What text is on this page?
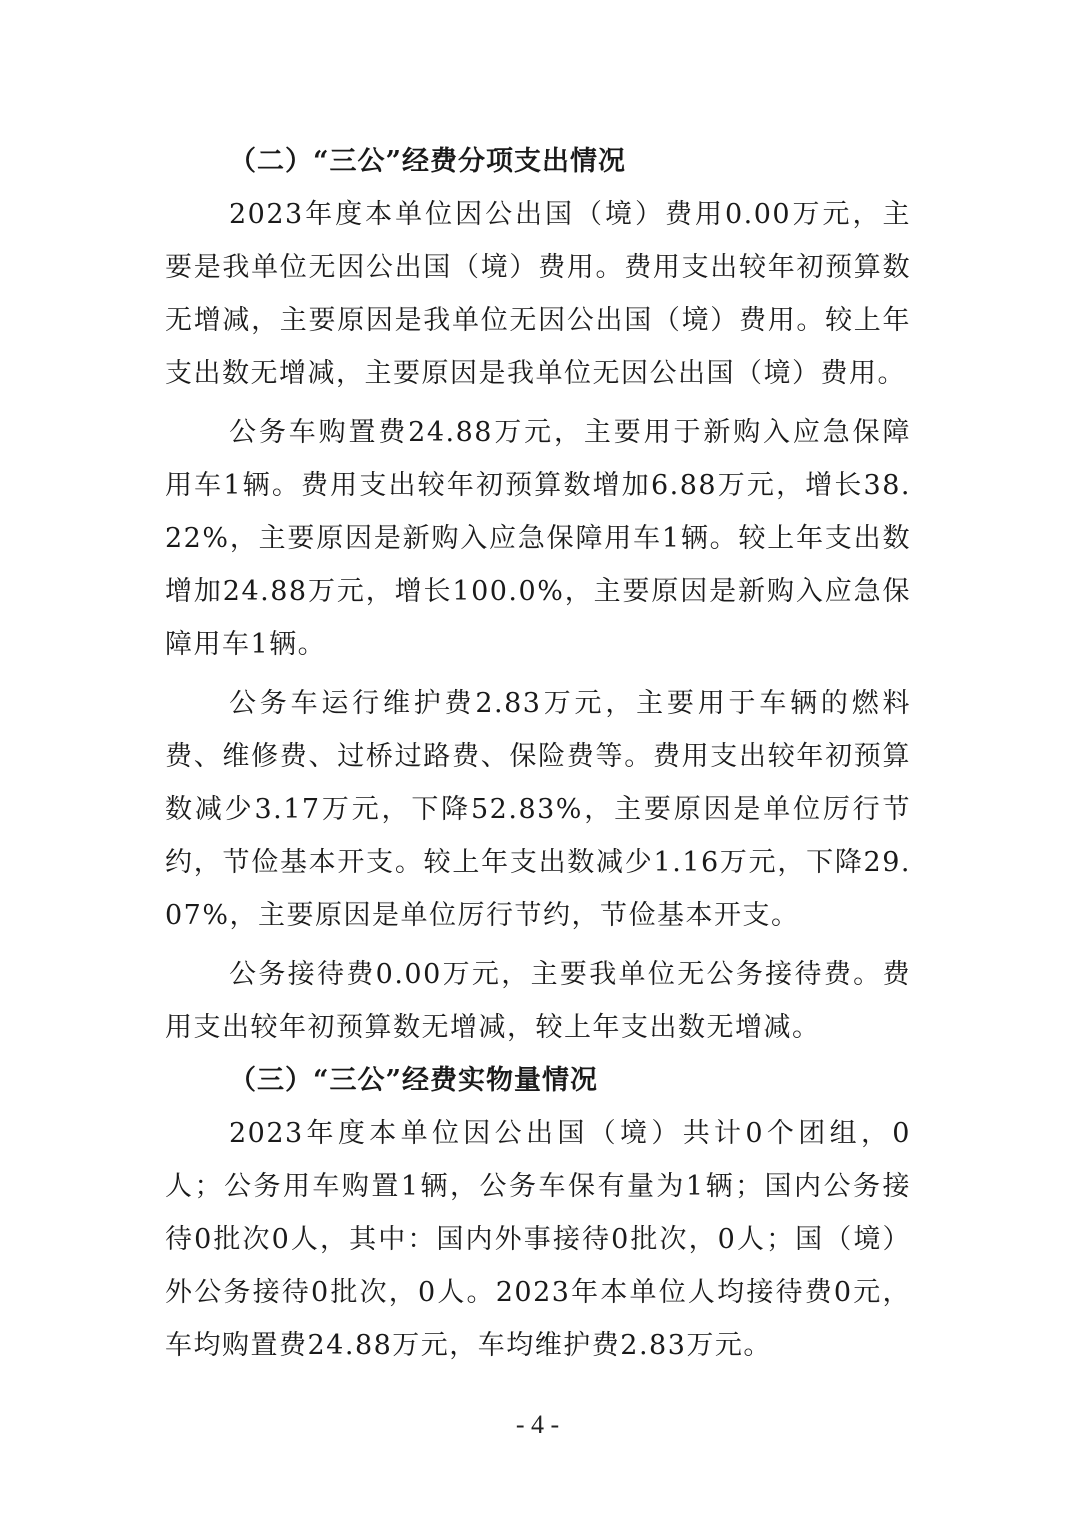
（二）“三公”经费分项支出情况

2023年度本单位因公出国（境）费用0.00万元，主要是我单位无因公出国（境）费用。费用支出较年初预算数无增减，主要原因是我单位无因公出国（境）费用。较上年支出数无增减，主要原因是我单位无因公出国（境）费用。

公务车购置费24.88万元，主要用于新购入应急保障用车1辆。费用支出较年初预算数增加6.88万元，增长38.22%，主要原因是新购入应急保障用车1辆。较上年支出数增加24.88万元，增长100.0%，主要原因是新购入应急保障用车1辆。

公务车运行维护费2.83万元，主要用于车辆的燃料费、维修费、过桥过路费、保险费等。费用支出较年初预算数减少3.17万元，下降52.83%，主要原因是单位厉行节约，节俭基本开支。较上年支出数减少1.16万元，下降29.07%，主要原因是单位厉行节约，节俭基本开支。

公务接待费0.00万元，主要我单位无公务接待费。费用支出较年初预算数无增减，较上年支出数无增减。

（三）“三公”经费实物量情况

2023年度本单位因公出国（境）共计0个团组，0人；公务用车购置1辆，公务车保有量为1辆；国内公务接待0批次0人，其中：国内外事接待0批次，0人；国（境）外公务接待0批次，0人。2023年本单位人均接待费0元，车均购置费24.88万元，车均维护费2.83万元。

- 4 -
